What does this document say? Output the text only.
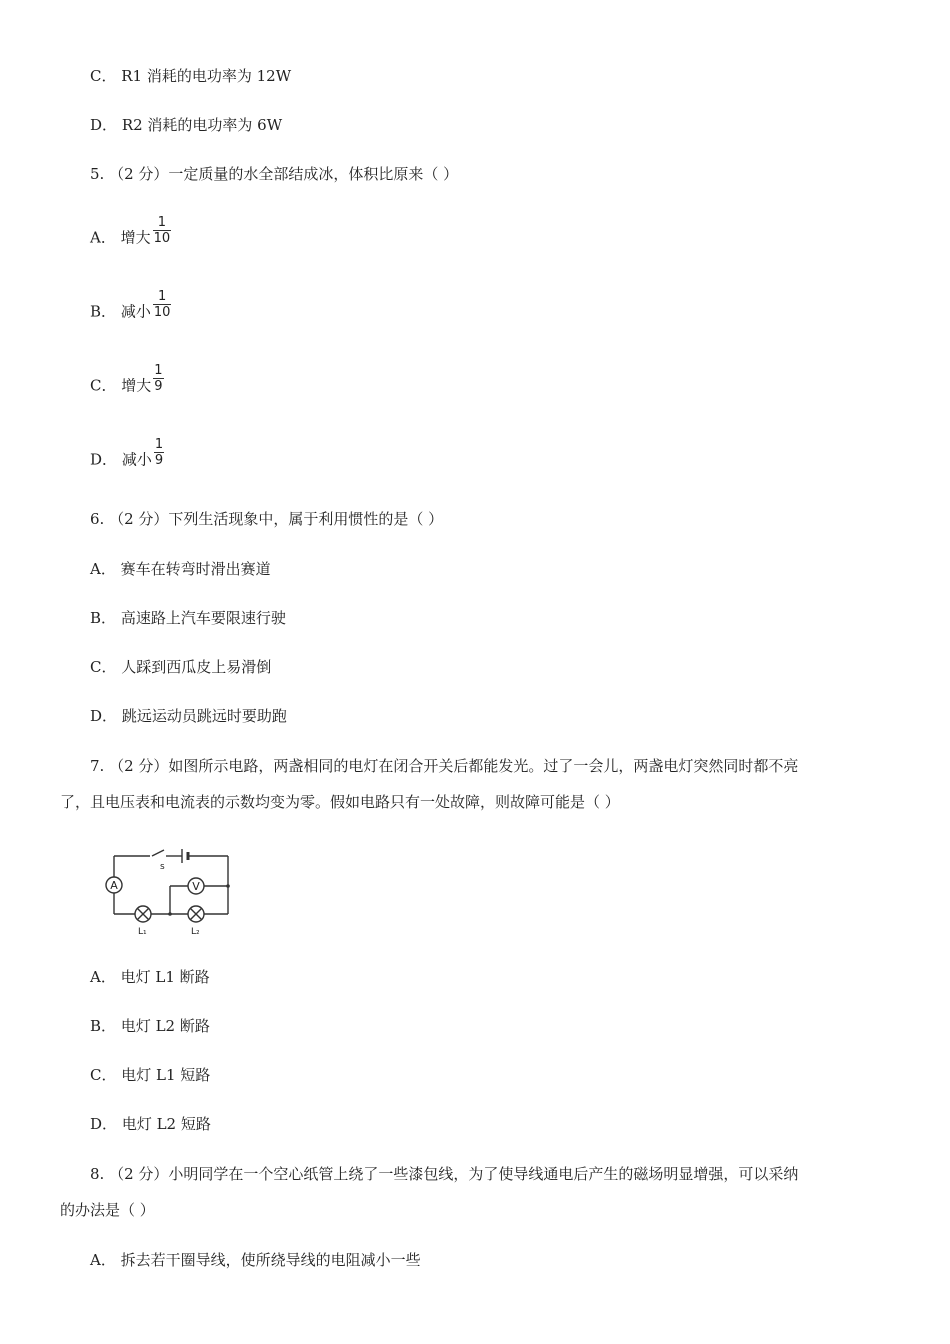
C． R1 消耗的电功率为 12W
D． R2 消耗的电功率为 6W
5. （2 分）一定质量的水全部结成冰，体积比原来（ ）
A． 增大 $\frac{1}{10}$
B． 减小 $\frac{1}{10}$
C． 增大 $\frac{1}{9}$
D． 减小 $\frac{1}{9}$
6. （2 分）下列生活现象中，属于利用惯性的是（ ）
A． 赛车在转弯时滑出赛道
B． 高速路上汽车要限速行驶
C． 人踩到西瓜皮上易滑倒
D． 跳远运动员跳远时要助跑
7. （2 分）如图所示电路，两盏相同的电灯在闭合开关后都能发光。过了一会儿，两盏电灯突然同时都不亮
了，且电压表和电流表的示数均变为零。假如电路只有一处故障，则故障可能是（ ）
A	V
s
L₁	L₂
A． 电灯 L1 断路
B． 电灯 L2 断路
C． 电灯 L1 短路
D． 电灯 L2 短路
8. （2 分）小明同学在一个空心纸管上绕了一些漆包线，为了使导线通电后产生的磁场明显增强，可以采纳
的办法是（ ）
A． 拆去若干圈导线，使所绕导线的电阻减小一些
